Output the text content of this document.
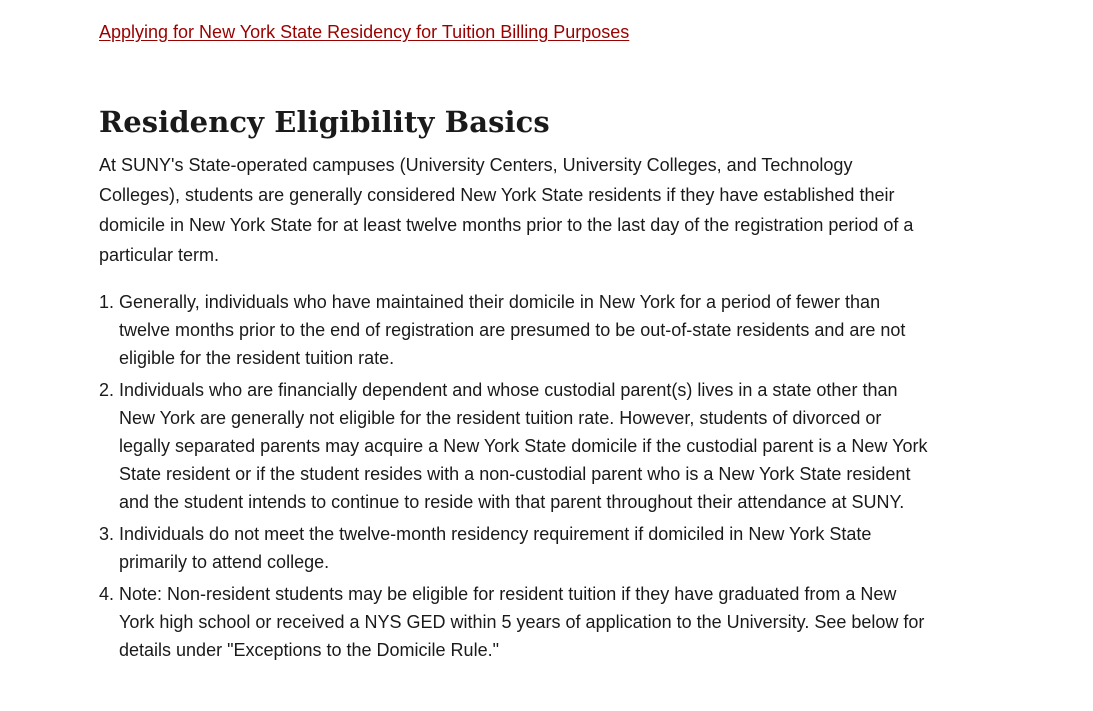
Applying for New York State Residency for Tuition Billing Purposes
Residency Eligibility Basics

At SUNY's State-operated campuses (University Centers, University Colleges, and Technology Colleges), students are generally considered New York State residents if they have established their domicile in New York State for at least twelve months prior to the last day of the registration period of a particular term.

1. Generally, individuals who have maintained their domicile in New York for a period of fewer than twelve months prior to the end of registration are presumed to be out-of-state residents and are not eligible for the resident tuition rate.
2. Individuals who are financially dependent and whose custodial parent(s) lives in a state other than New York are generally not eligible for the resident tuition rate. However, students of divorced or legally separated parents may acquire a New York State domicile if the custodial parent is a New York State resident or if the student resides with a non-custodial parent who is a New York State resident and the student intends to continue to reside with that parent throughout their attendance at SUNY.
3. Individuals do not meet the twelve-month residency requirement if domiciled in New York State primarily to attend college.
4. Note: Non-resident students may be eligible for resident tuition if they have graduated from a New York high school or received a NYS GED within 5 years of application to the University. See below for details under "Exceptions to the Domicile Rule."
